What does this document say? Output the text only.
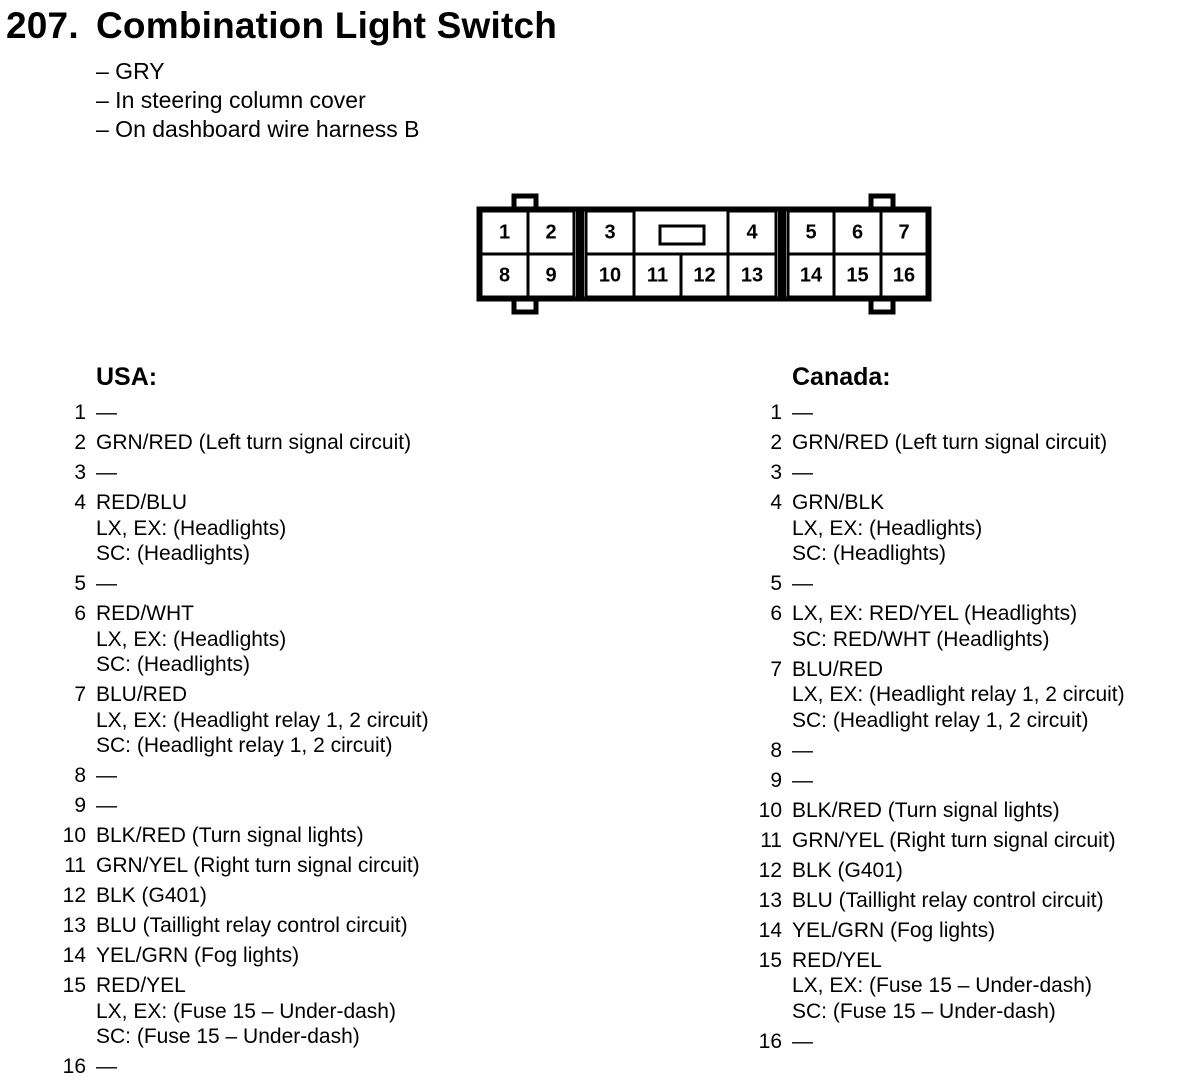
207. Combination Light Switch
– GRY
– In steering column cover
– On dashboard wire harness B
1 2 3	4 5 6 7
8 9 10 11 12 13 14 15 16
USA:
1 —
2 GRN/RED (Left turn signal circuit)
3 —
4 RED/BLU
LX, EX: (Headlights)
SC: (Headlights)
5 —
6 RED/WHT
LX, EX: (Headlights)
SC: (Headlights)
7 BLU/RED
LX, EX: (Headlight relay 1, 2 circuit)
SC: (Headlight relay 1, 2 circuit)
8 —
9 —
10 BLK/RED (Turn signal lights)
11 GRN/YEL (Right turn signal circuit)
12 BLK (G401)
13 BLU (Taillight relay control circuit)
14 YEL/GRN (Fog lights)
15 RED/YEL
LX, EX: (Fuse 15 – Under-dash)
SC: (Fuse 15 – Under-dash)
16 —
Canada:
1 —
2 GRN/RED (Left turn signal circuit)
3 —
4 GRN/BLK
LX, EX: (Headlights)
SC: (Headlights)
5 —
6 LX, EX: RED/YEL (Headlights)
SC: RED/WHT (Headlights)
7 BLU/RED
LX, EX: (Headlight relay 1, 2 circuit)
SC: (Headlight relay 1, 2 circuit)
8 —
9 —
10 BLK/RED (Turn signal lights)
11 GRN/YEL (Right turn signal circuit)
12 BLK (G401)
13 BLU (Taillight relay control circuit)
14 YEL/GRN (Fog lights)
15 RED/YEL
LX, EX: (Fuse 15 – Under-dash)
SC: (Fuse 15 – Under-dash)
16 —
